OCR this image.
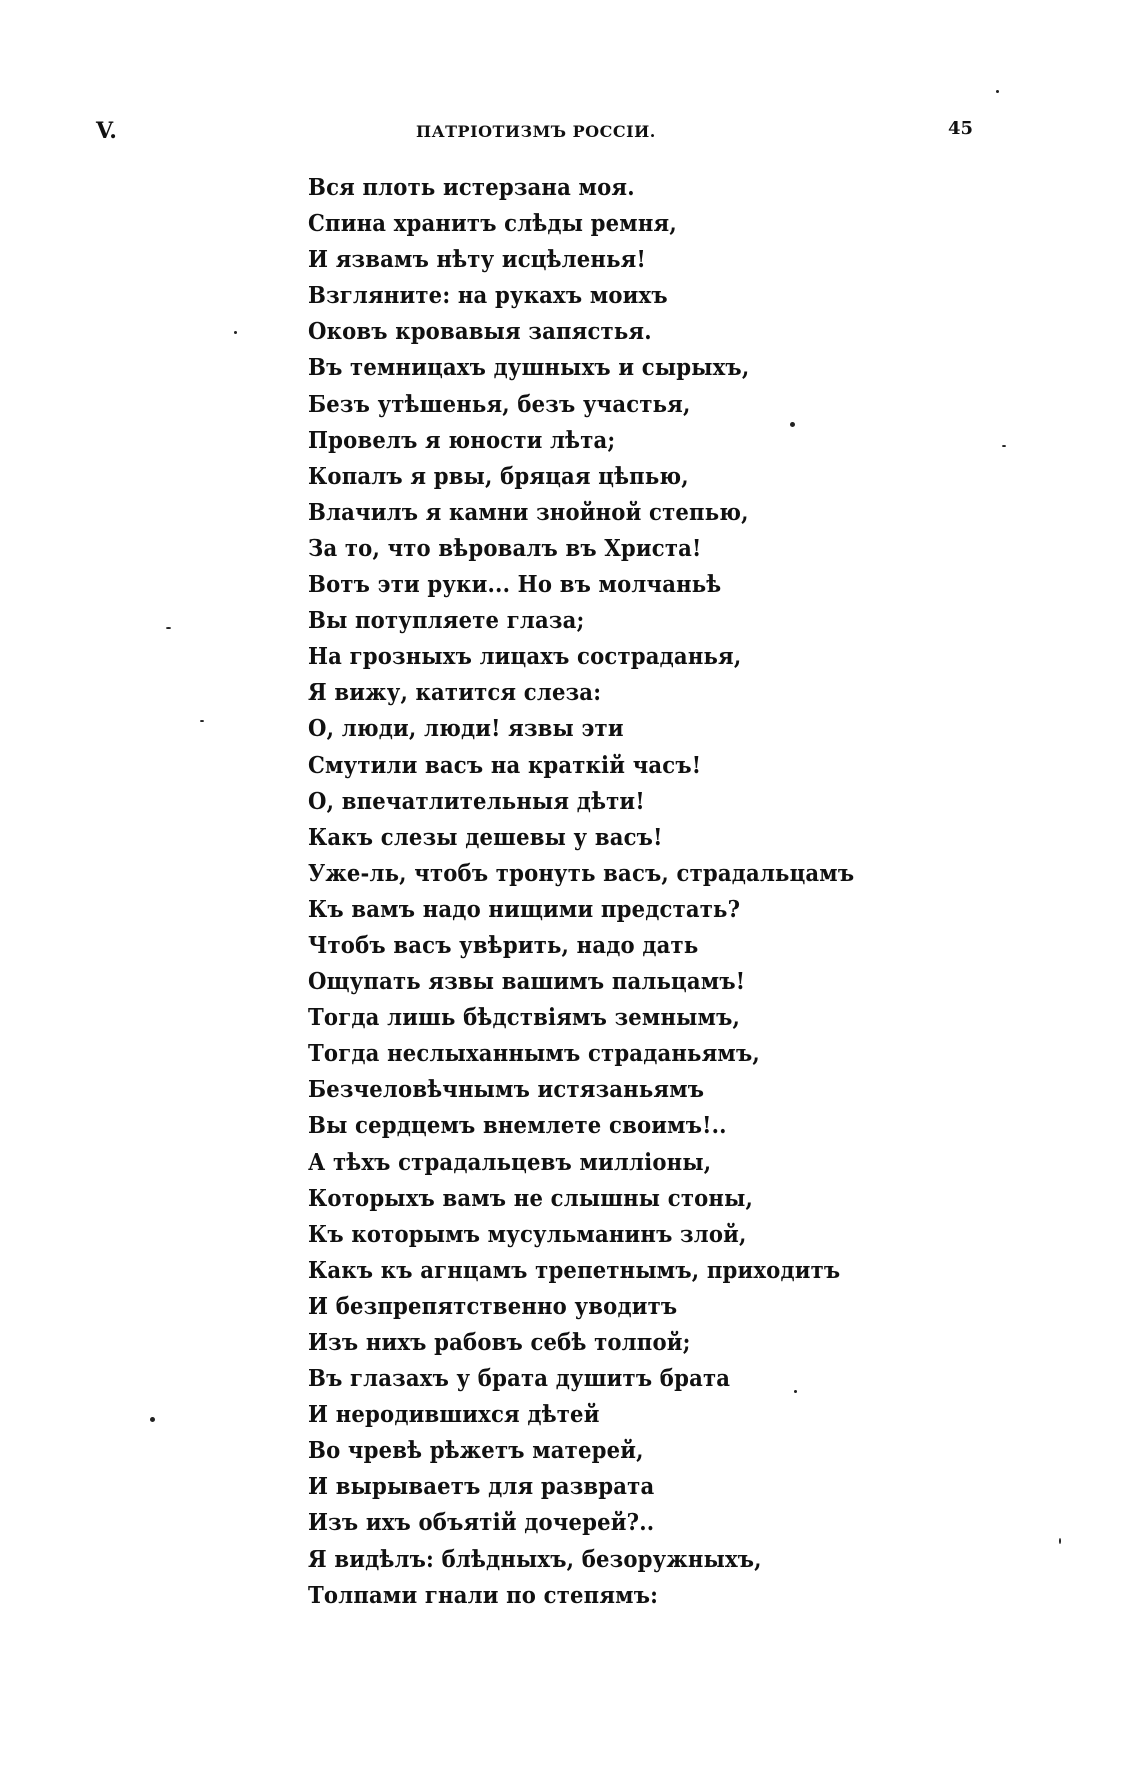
V.	ПАТРІОТИЗМЪ РОССІИ.	45
Вся плоть истерзана моя.
Спина хранитъ слѣды ремня,
И язвамъ нѣту исцѣленья!
Взгляните: на рукахъ моихъ
Оковъ кровавыя запястья.
Въ темницахъ душныхъ и сырыхъ,
Безъ утѣшенья, безъ участья,
Провелъ я юности лѣта;
Копалъ я рвы, бряцая цѣпью,
Влачилъ я камни знойной степью,
За то, что вѣровалъ въ Христа!
Вотъ эти руки... Но въ молчаньѣ
Вы потупляете глаза;
На грозныхъ лицахъ состраданья,
Я вижу, катится слеза:
О, люди, люди! язвы эти
Смутили васъ на краткій часъ!
О, впечатлительныя дѣти!
Какъ слезы дешевы у васъ!
Уже-ль, чтобъ тронуть васъ, страдальцамъ
Къ вамъ надо нищими предстать?
Чтобъ васъ увѣрить, надо дать
Ощупать язвы вашимъ пальцамъ!
Тогда лишь бѣдствіямъ земнымъ,
Тогда неслыханнымъ страданьямъ,
Безчеловѣчнымъ истязаньямъ
Вы сердцемъ внемлете своимъ!..
А тѣхъ страдальцевъ милліоны,
Которыхъ вамъ не слышны стоны,
Къ которымъ мусульманинъ злой,
Какъ къ агнцамъ трепетнымъ, приходитъ
И безпрепятственно уводитъ
Изъ нихъ рабовъ себѣ толпой;
Въ глазахъ у брата душитъ брата
И неродившихся дѣтей
Во чревѣ рѣжетъ матерей,
И вырываетъ для разврата
Изъ ихъ объятій дочерей?..
Я видѣлъ: блѣдныхъ, безоружныхъ,
Толпами гнали по степямъ:
